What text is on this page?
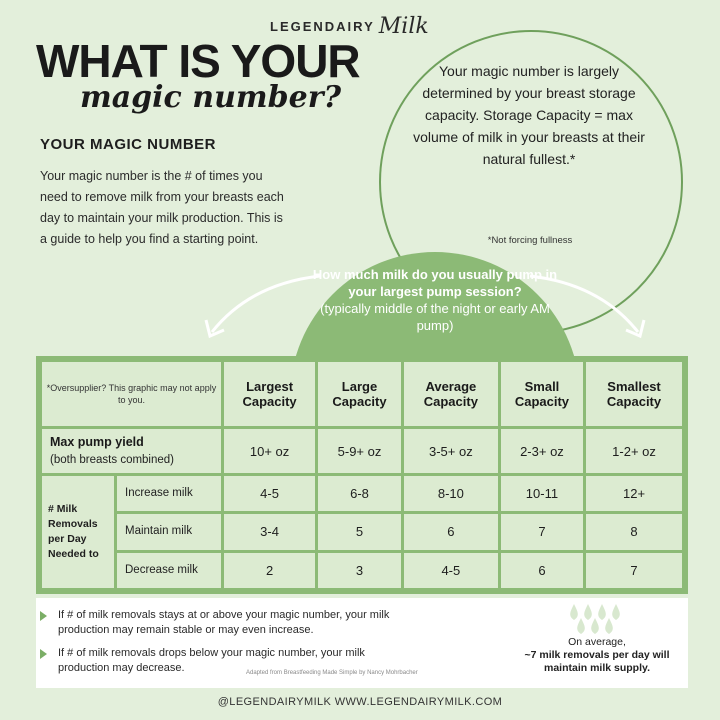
LEGENDAIRY Milk
WHAT IS YOUR
magic number?
YOUR MAGIC NUMBER
Your magic number is the # of times you need to remove milk from your breasts each day to maintain your milk production. This is a guide to help you find a starting point.
Your magic number is largely determined by your breast storage capacity. Storage Capacity = max volume of milk in your breasts at their natural fullest.*
*Not forcing fullness
How much milk do you usually pump in your largest pump session?
(typically middle of the night or early AM pump)
*Oversupplier? This graphic may not apply to you.		Largest Capacity	Large Capacity	Average Capacity	Small Capacity	Smallest Capacity
Max pump yield
(both breasts combined)		10+ oz	5-9+ oz	3-5+ oz	2-3+ oz	1-2+ oz
# Milk Removals per Day Needed to	Increase milk	4-5	6-8	8-10	10-11	12+
	Maintain milk	3-4	5	6	7	8
	Decrease milk	2	3	4-5	6	7
If # of milk removals stays at or above your magic number, your milk production may remain stable or may even increase.
If # of milk removals drops below your magic number, your milk production may decrease.	Adapted from Breastfeeding Made Simple by Nancy Mohrbacher
On average,
~7 milk removals per day will maintain milk supply.
@LEGENDAIRYMILK WWW.LEGENDAIRYMILK.COM
